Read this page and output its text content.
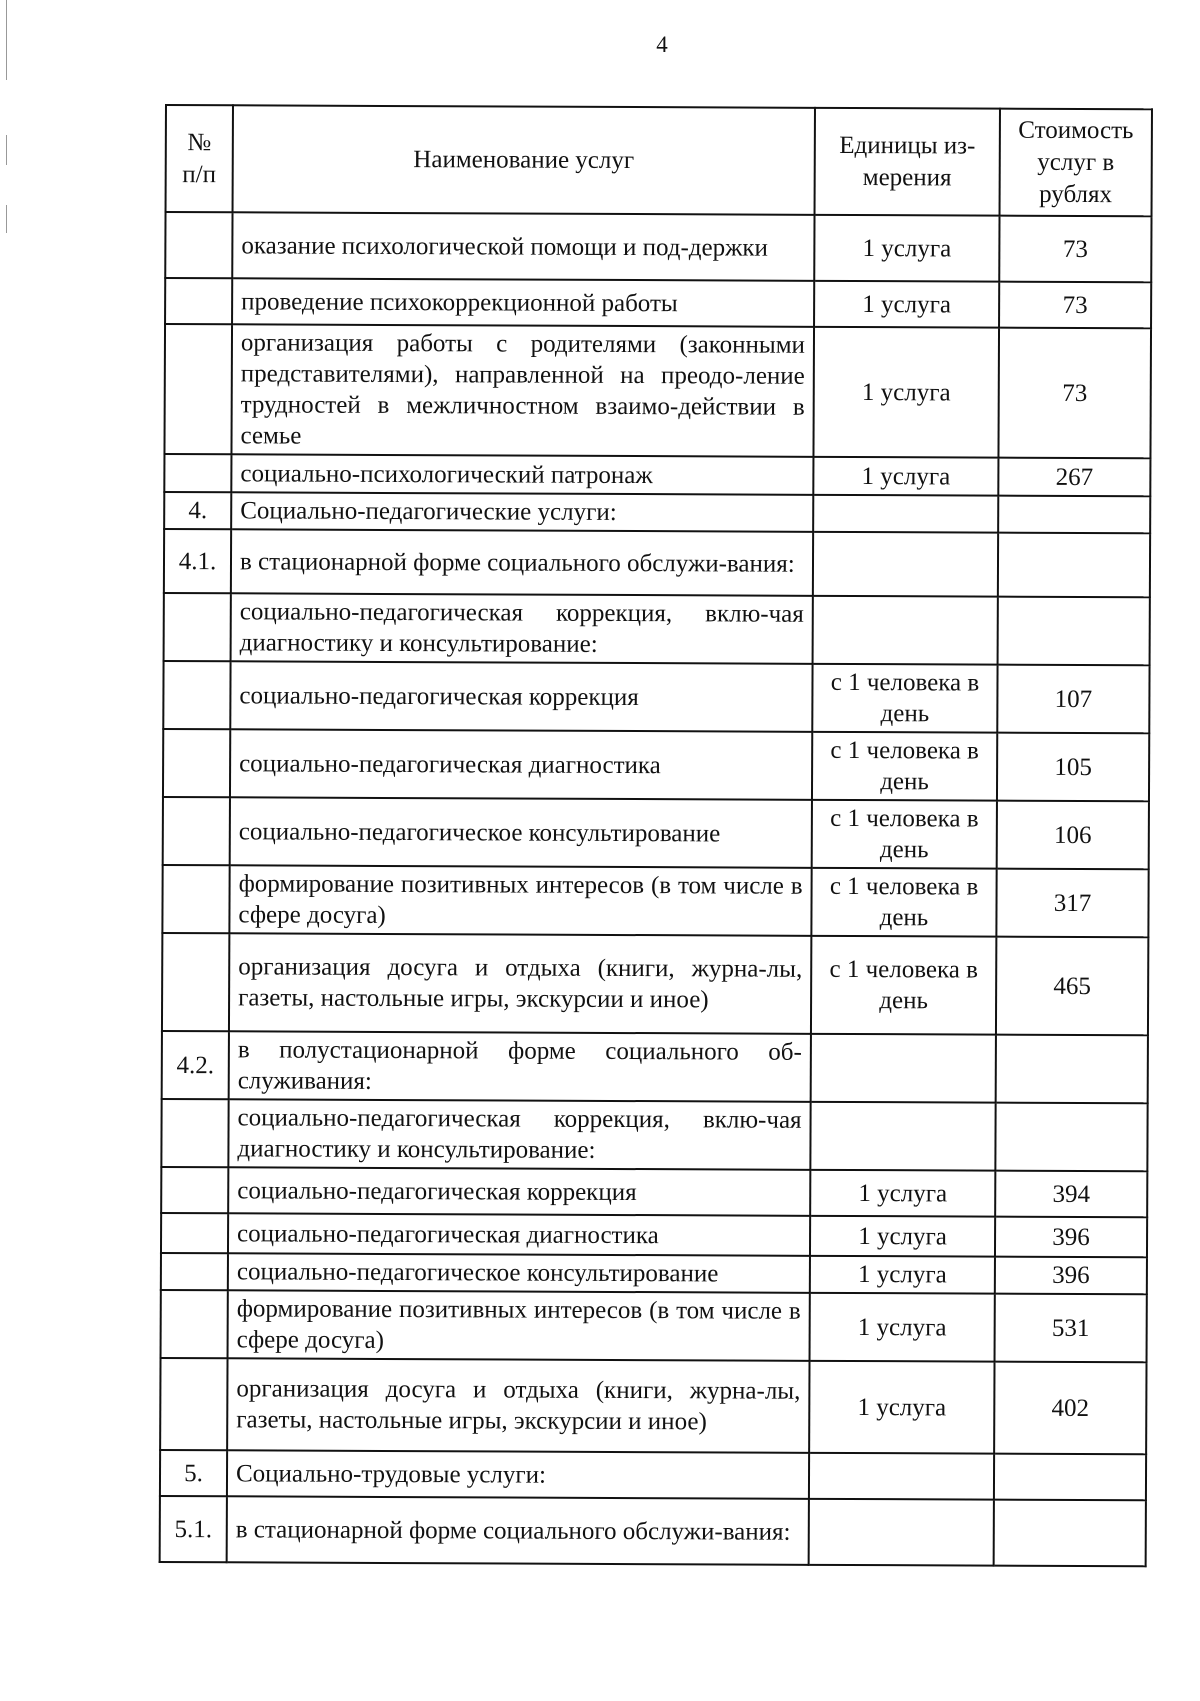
4
№ п/п	Наименование услуг	Единицы из-мерения	Стоимость услуг в рублях
	оказание психологической помощи и под-держки	1 услуга	73
	проведение психокоррекционной работы	1 услуга	73
	организация работы с родителями (законными представителями), направленной на преодо-ление трудностей в межличностном взаимо-действии в семье	1 услуга	73
	социально-психологический патронаж	1 услуга	267
4.	Социально-педагогические услуги:		
4.1.	в стационарной форме социального обслужи-вания:		
	социально-педагогическая коррекция, вклю-чая диагностику и консультирование:		
	социально-педагогическая коррекция	с 1 человека в день	107
	социально-педагогическая диагностика	с 1 человека в день	105
	социально-педагогическое консультирование	с 1 человека в день	106
	формирование позитивных интересов (в том числе в сфере досуга)	с 1 человека в день	317
	организация досуга и отдыха (книги, журна-лы, газеты, настольные игры, экскурсии и иное)	с 1 человека в день	465
4.2.	в полустационарной форме социального об-служивания:		
	социально-педагогическая коррекция, вклю-чая диагностику и консультирование:		
	социально-педагогическая коррекция	1 услуга	394
	социально-педагогическая диагностика	1 услуга	396
	социально-педагогическое консультирование	1 услуга	396
	формирование позитивных интересов (в том числе в сфере досуга)	1 услуга	531
	организация досуга и отдыха (книги, журна-лы, газеты, настольные игры, экскурсии и иное)	1 услуга	402
5.	Социально-трудовые услуги:		
5.1.	в стационарной форме социального обслужи-вания:		
